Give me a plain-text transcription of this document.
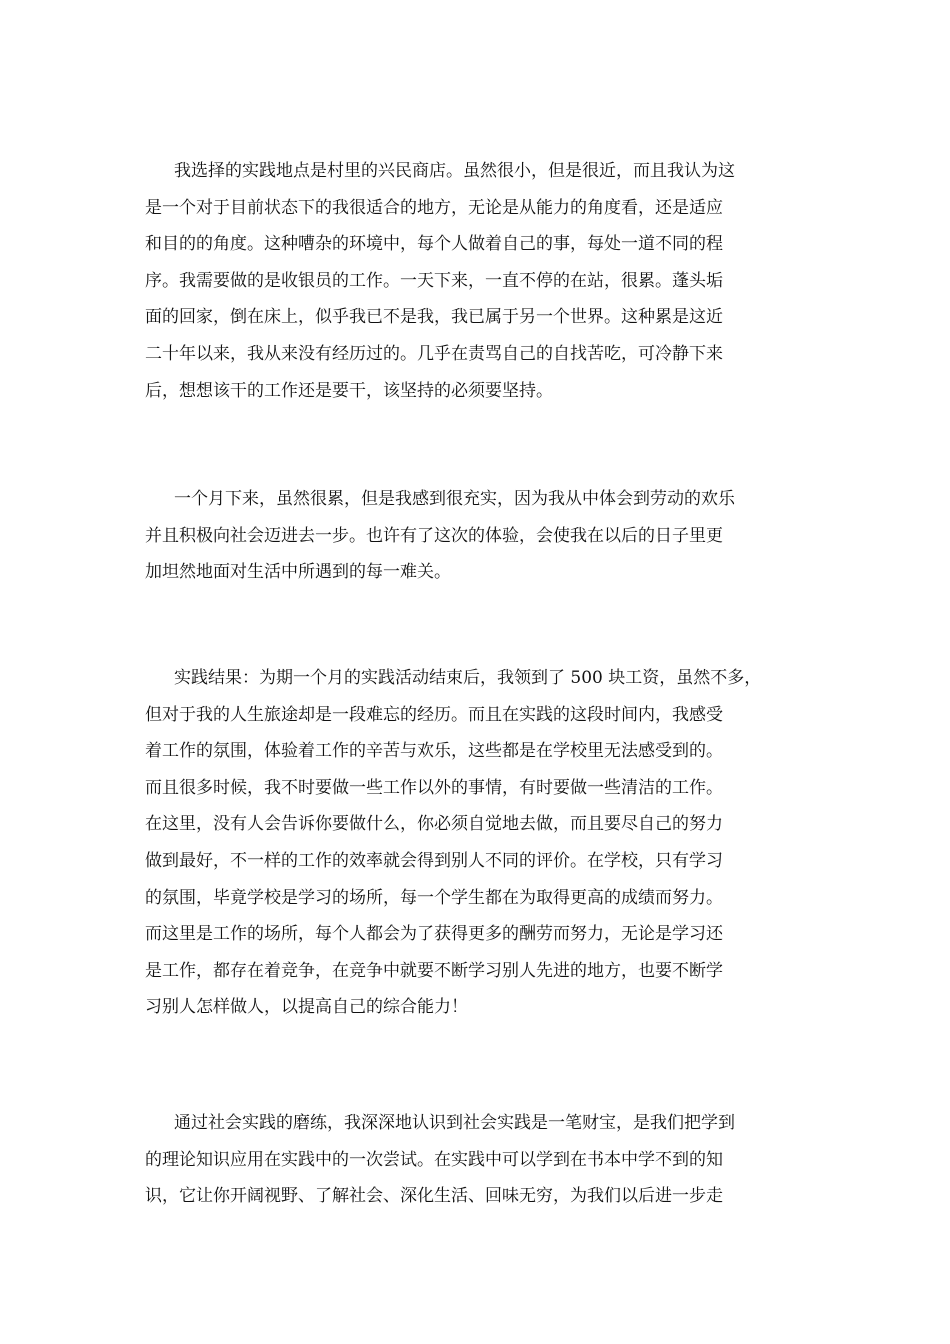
我选择的实践地点是村里的兴民商店。虽然很小，但是很近，而且我认为这
是一个对于目前状态下的我很适合的地方，无论是从能力的角度看，还是适应
和目的的角度。这种嘈杂的环境中，每个人做着自己的事，每处一道不同的程
序。我需要做的是收银员的工作。一天下来，一直不停的在站，很累。蓬头垢
面的回家，倒在床上，似乎我已不是我，我已属于另一个世界。这种累是这近
二十年以来，我从来没有经历过的。几乎在责骂自己的自找苦吃，可冷静下来
后，想想该干的工作还是要干，该坚持的必须要坚持。
一个月下来，虽然很累，但是我感到很充实，因为我从中体会到劳动的欢乐
并且积极向社会迈进去一步。也许有了这次的体验，会使我在以后的日子里更
加坦然地面对生活中所遇到的每一难关。
实践结果：为期一个月的实践活动结束后，我领到了 500 块工资，虽然不多，
但对于我的人生旅途却是一段难忘的经历。而且在实践的这段时间内，我感受
着工作的氛围，体验着工作的辛苦与欢乐，这些都是在学校里无法感受到的。
而且很多时候，我不时要做一些工作以外的事情，有时要做一些清洁的工作。
在这里，没有人会告诉你要做什么，你必须自觉地去做，而且要尽自己的努力
做到最好，不一样的工作的效率就会得到别人不同的评价。在学校，只有学习
的氛围，毕竟学校是学习的场所，每一个学生都在为取得更高的成绩而努力。
而这里是工作的场所，每个人都会为了获得更多的酬劳而努力，无论是学习还
是工作，都存在着竞争，在竞争中就要不断学习别人先进的地方，也要不断学
习别人怎样做人，以提高自己的综合能力！
通过社会实践的磨练，我深深地认识到社会实践是一笔财宝，是我们把学到
的理论知识应用在实践中的一次尝试。在实践中可以学到在书本中学不到的知
识，它让你开阔视野、了解社会、深化生活、回味无穷，为我们以后进一步走
